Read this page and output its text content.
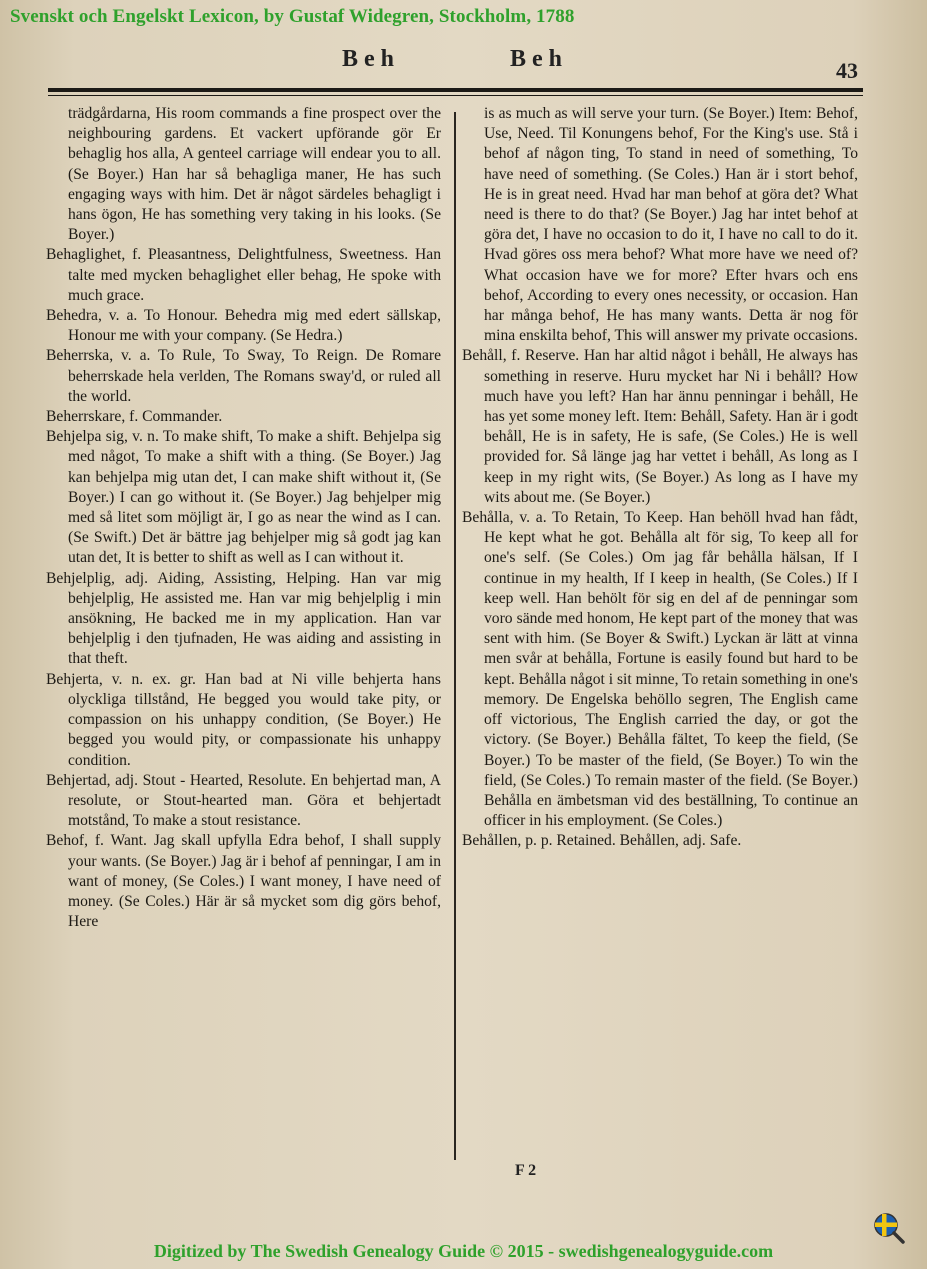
Svenskt och Engelskt Lexicon, by Gustaf Widegren, Stockholm, 1788
Beh	Beh	43

trädgårdarna, His room commands a fine prospect over the neighbouring gardens. Et vackert upförande gör Er behaglig hos alla, A genteel carriage will endear you to all. (Se Boyer.) Han har så behagliga maner, He has such engaging ways with him. Det är något särdeles behagligt i hans ögon, He has something very taking in his looks. (Se Boyer.)

Behaglighet, f. Pleasantness, Delightfulness, Sweetness. Han talte med mycken behaglighet eller behag, He spoke with much grace.

Behedra, v. a. To Honour. Behedra mig med edert sällskap, Honour me with your company. (Se Hedra.)

Beherrska, v. a. To Rule, To Sway, To Reign. De Romare beherrskade hela verlden, The Romans sway'd, or ruled all the world.

Beherrskare, f. Commander.

Behjelpa sig, v. n. To make shift, To make a shift. Behjelpa sig med något, To make a shift with a thing. (Se Boyer.) Jag kan behjelpa mig utan det, I can make shift without it, (Se Boyer.) I can go without it. (Se Boyer.) Jag behjelper mig med så litet som möjligt är, I go as near the wind as I can. (Se Swift.) Det är bättre jag behjelper mig så godt jag kan utan det, It is better to shift as well as I can without it.

Behjelplig, adj. Aiding, Assisting, Helping. Han var mig behjelplig, He assisted me. Han var mig behjelplig i min ansökning, He backed me in my application. Han var behjelplig i den tjufnaden, He was aiding and assisting in that theft.

Behjerta, v. n. ex. gr. Han bad at Ni ville behjerta hans olyckliga tillstånd, He begged you would take pity, or compassion on his unhappy condition, (Se Boyer.) He begged you would pity, or compassionate his unhappy condition.

Behjertad, adj. Stout - Hearted, Resolute. En behjertad man, A resolute, or Stout-hearted man. Göra et behjertadt motstånd, To make a stout resistance.

Behof, f. Want. Jag skall upfylla Edra behof, I shall supply your wants. (Se Boyer.) Jag är i behof af penningar, I am in want of money, (Se Coles.) I want money, I have need of money. (Se Coles.) Här är så mycket som dig görs behof, Here

is as much as will serve your turn. (Se Boyer.) Item: Behof, Use, Need. Til Konungens behof, For the King's use. Stå i behof af någon ting, To stand in need of something, To have need of something. (Se Coles.) Han är i stort behof, He is in great need. Hvad har man behof at göra det? What need is there to do that? (Se Boyer.) Jag har intet behof at göra det, I have no occasion to do it, I have no call to do it. Hvad göres oss mera behof? What more have we need of? What occasion have we for more? Efter hvars och ens behof, According to every ones necessity, or occasion. Han har många behof, He has many wants. Detta är nog för mina enskilta behof, This will answer my private occasions.

Behåll, f. Reserve. Han har altid något i behåll, He always has something in reserve. Huru mycket har Ni i behåll? How much have you left? Han har ännu penningar i behåll, He has yet some money left. Item: Behåll, Safety. Han är i godt behåll, He is in safety, He is safe, (Se Coles.) He is well provided for. Så länge jag har vettet i behåll, As long as I keep in my right wits, (Se Boyer.) As long as I have my wits about me. (Se Boyer.)

Behålla, v. a. To Retain, To Keep. Han behöll hvad han fådt, He kept what he got. Behålla alt för sig, To keep all for one's self. (Se Coles.) Om jag får behålla hälsan, If I continue in my health, If I keep in health, (Se Coles.) If I keep well. Han behölt för sig en del af de penningar som voro sände med honom, He kept part of the money that was sent with him. (Se Boyer & Swift.) Lyckan är lätt at vinna men svår at behålla, Fortune is easily found but hard to be kept. Behålla något i sit minne, To retain something in one's memory. De Engelska behöllo segren, The English came off victorious, The English carried the day, or got the victory. (Se Boyer.) Behålla fältet, To keep the field, (Se Boyer.) To be master of the field, (Se Boyer.) To win the field, (Se Coles.) To remain master of the field. (Se Boyer.) Behålla en ämbetsman vid des beställning, To continue an officer in his employment. (Se Coles.)

Behållen, p. p. Retained. Behållen, adj. Safe.

F 2
Digitized by The Swedish Genealogy Guide © 2015 - swedishgenealogyguide.com
